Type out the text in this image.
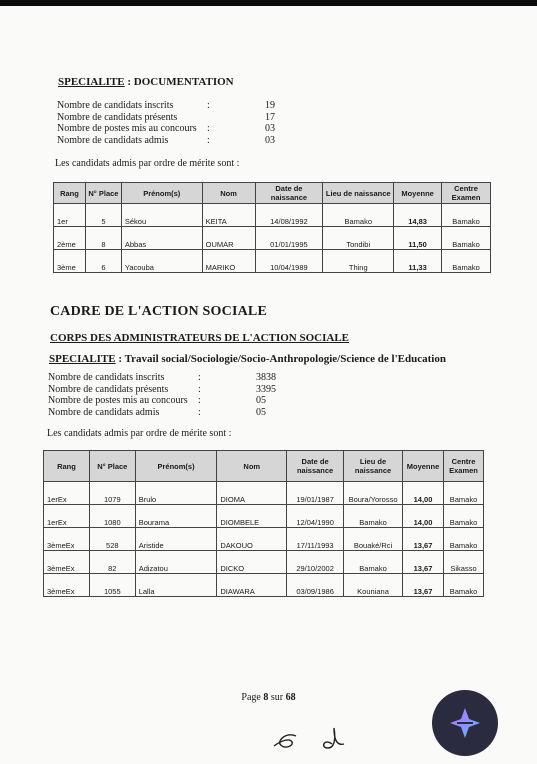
SPECIALITE : DOCUMENTATION
Nombre de candidats inscrits	:	19
Nombre de candidats présents	17
Nombre de postes mis au concours	:	03
Nombre de candidats admis	:	03
Les candidats admis par ordre de mérite sont :
Rang	N° Place	Prénom(s)	Nom	Date de naissance	Lieu de naissance	Moyenne	Centre Examen
1er	5	Sékou	KEITA	14/08/1992	Bamako	14,83	Bamako
2ème	8	Abbas	OUMAR	01/01/1995	Tondibi	11,50	Bamako
3ème	6	Yacouba	MARIKO	10/04/1989	Thing	11,33	Bamako
CADRE DE L'ACTION SOCIALE
CORPS DES ADMINISTRATEURS DE L'ACTION SOCIALE
SPECIALITE : Travail social/Sociologie/Socio-Anthropologie/Science de l'Education
Nombre de candidats inscrits	:	3838
Nombre de candidats présents	:	3395
Nombre de postes mis au concours	:	05
Nombre de candidats admis	:	05
Les candidats admis par ordre de mérite sont :
Rang	N° Place	Prénom(s)	Nom	Date de naissance	Lieu de naissance	Moyenne	Centre Examen
1erEx	1079	Brulo	DIOMA	19/01/1987	Boura/Yorosso	14,00	Bamako
1erEx	1080	Bourama	DIOMBELE	12/04/1990	Bamako	14,00	Bamako
3èmeEx	528	Aristide	DAKOUO	17/11/1993	Bouaké/Rci	13,67	Bamako
3èmeEx	82	Adizatou	DICKO	29/10/2002	Bamako	13,67	Sikasso
3èmeEx	1055	Lalla	DIAWARA	03/09/1986	Kouniana	13,67	Bamako
Page 8 sur 68
